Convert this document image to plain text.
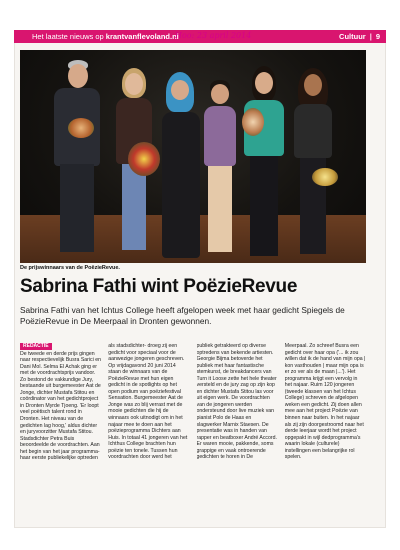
Het laatste nieuws op krantvanflevoland.nl
Hoo: 23 april 2014	Cultuur | 9
De prijswinnaars van de PoëzieRevue.
Sabrina Fathi wint PoëzieRevue
Sabrina Fathi van het Ichtus College heeft afgelopen week met haar gedicht Spiegels de PoëzieRevue in De Meerpaal in Dronten gewonnen.
REDACTIE

De tweede en derde prijs gingen naar respectievelijk Busra Sarici en Dani Mol. Selma El Achak ging er met de voordrachtsprijs vandoor. Zo bestond de vakkundige Jury, bestaande uit burgemeester Aat de Jonge, dichter Mustafa Stitou en coördinator van het gedichtproject in Dronten Myrde Tjoeng. 'Er loopt veel poëtisch talent rond in Dronten. Het niveau van de gedichten lag hoog,' aldus dichter en juryvoorzitter Mustafa Stitou. Stadsdichter Petra Buis beoordeelde de voordrachten. Aan het begin van het jaar programma-haar eerste publiekelijke optreden

als stadsdichter- droeg zij een gedicht voor speciaal voor de aanwezige jongeren geschreven. Op vrijdagavond 20 juni 2014 staan de winnaars van de PoëzieRevue met hun eigen gedicht in de spotlights op het open podium van poëziefestival Sensation. Burgemeester Aat de Jonge was zo blij verrast met de mooie gedichten die hij de winnaars ook uitnodigt om in het najaar mee te doen aan het poëzieprogramma Dichters aan Huis. In totaal 41 jongeren van het Ichthus College brachten hun poëzie ten tonele. Tussen hun voordrachten door werd het

publiek getrakteerd op diverse optredens van bekende artiesten. Georgie Bijma betoverde het publiek met haar fantastische stemkunst, de breakdancers van Turn it Loose zette het hele theater versteld en de jury zag op zijn kop en dichter Mustafa Stitou las voor uit eigen werk. De voordrachten van de jongeren werden ondersteund door live muziek van pianist Polo de Haas en slagwerker Marnix Staesen. De presentatie was in handen van rapper en beatboxer André Accord. Er waren mooie, pakkende, soms grappige en vaak ontroerende gedichten te horen in De

Meerpaal. Zo schreef Busra een gedicht over haar opa ('... ik zou willen dat ik de hand van mijn opa | kon vasthouden | maar mijn opa is er zo ver als de maan |...'). Het programma krijgt een vervolg in het najaar. Ruim 120 jongeren (tweede klassen van het Ichtus College) schreven de afgelopen weken een gedicht. Zij doen allen mee aan het project Poëzie van binnen naar buiten. In het najaar als zij zijn doorgestroomd naar het derde leerjaar wordt het project opgepakt in wijl dedprogramma's waarin lokale (culturele) instellingen een belangrijke rol spelen.
